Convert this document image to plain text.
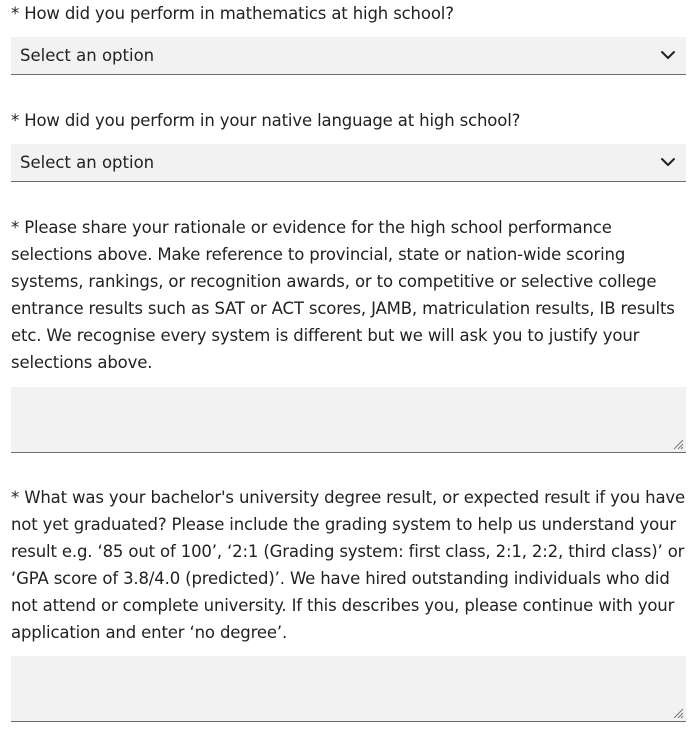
* How did you perform in mathematics at high school?
Select an option
* How did you perform in your native language at high school?
Select an option
* Please share your rationale or evidence for the high school performance selections above. Make reference to provincial, state or nation-wide scoring systems, rankings, or recognition awards, or to competitive or selective college entrance results such as SAT or ACT scores, JAMB, matriculation results, IB results etc. We recognise every system is different but we will ask you to justify your selections above.
* What was your bachelor's university degree result, or expected result if you have not yet graduated? Please include the grading system to help us understand your result e.g. ‘85 out of 100’, ‘2:1 (Grading system: first class, 2:1, 2:2, third class)’ or ‘GPA score of 3.8/4.0 (predicted)’. We have hired outstanding individuals who did not attend or complete university. If this describes you, please continue with your application and enter ‘no degree’.
